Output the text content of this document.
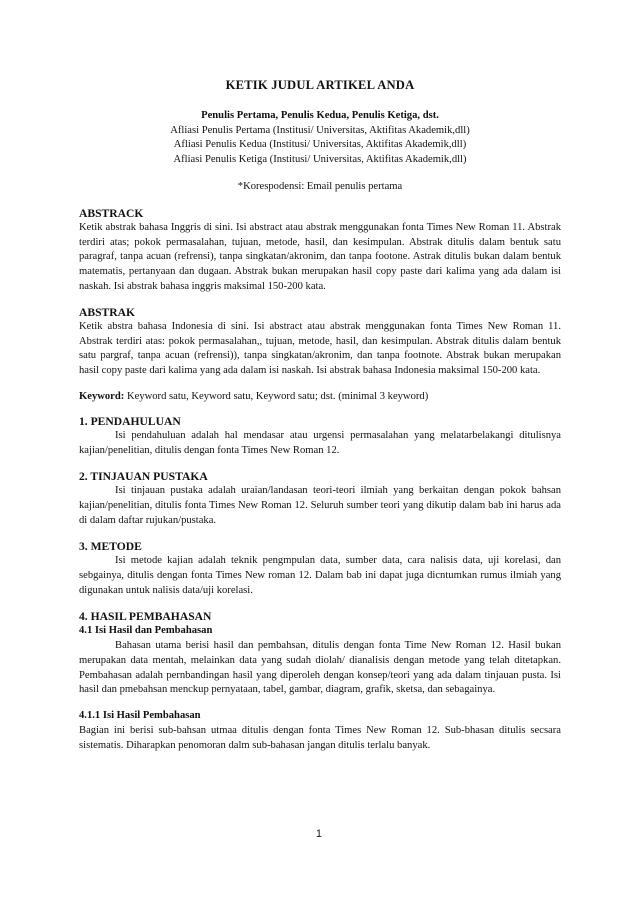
KETIK JUDUL ARTIKEL ANDA

Penulis Pertama, Penulis Kedua, Penulis Ketiga, dst.

Afliasi Penulis Pertama (Institusi/ Universitas, Aktifitas Akademik,dll)

Afliasi Penulis Kedua (Institusi/ Universitas, Aktifitas Akademik,dll)

Afliasi Penulis Ketiga (Institusi/ Universitas, Aktifitas Akademik,dll)

*Korespodensi: Email penulis pertama

ABSTRACK

Ketik abstrak bahasa Inggris di sini. Isi abstract atau abstrak menggunakan fonta Times New Roman 11. Abstrak terdiri atas; pokok permasalahan, tujuan, metode, hasil, dan kesimpulan. Abstrak ditulis dalam bentuk satu paragraf, tanpa acuan (refrensi), tanpa singkatan/akronim, dan tanpa footone. Astrak ditulis bukan dalam bentuk matematis, pertanyaan dan dugaan. Abstrak bukan merupakan hasil copy paste dari kalima yang ada dalam isi naskah. Isi abstrak bahasa inggris maksimal 150-200 kata.

ABSTRAK

Ketik abstra bahasa Indonesia di sini. Isi abstract atau abstrak menggunakan fonta Times New Roman 11. Abstrak terdiri atas: pokok permasalahan,, tujuan, metode, hasil, dan kesimpulan. Abstrak ditulis dalam bentuk satu pargraf, tanpa acuan (refrensi)), tanpa singkatan/akronim, dan tanpa footnote. Abstrak bukan merupakan hasil copy paste dari kalima yang ada dalam isi naskah. Isi abstrak bahasa Indonesia maksimal 150-200 kata.

Keyword: Keyword satu, Keyword satu, Keyword satu; dst. (minimal 3 keyword)

1. PENDAHULUAN

Isi pendahuluan adalah hal mendasar atau urgensi permasalahan yang melatarbelakangi ditulisnya kajian/penelitian, ditulis dengan fonta Times New Roman 12.

2. TINJAUAN PUSTAKA

Isi tinjauan pustaka adalah uraian/landasan teori-teori ilmiah yang berkaitan dengan pokok bahsan kajian/penelitian, ditulis fonta Times New Roman 12. Seluruh sumber teori yang dikutip dalam bab ini harus ada di dalam daftar rujukan/pustaka.

3. METODE

Isi metode kajian adalah teknik pengmpulan data, sumber data, cara nalisis data, uji korelasi, dan sebgainya, ditulis dengan fonta Times New roman 12. Dalam bab ini dapat juga dicntumkan rumus ilmiah yang digunakan untuk nalisis data/uji korelasi.

4. HASIL PEMBAHASAN

4.1 Isi Hasil dan Pembahasan

Bahasan utama berisi hasil dan pembahsan, ditulis dengan fonta Time New Roman 12. Hasil bukan merupakan data mentah, melainkan data yang sudah diolah/ dianalisis dengan metode yang telah ditetapkan. Pembahasan adalah pernbandingan hasil yang diperoleh dengan konsep/teori yang ada dalam tinjauan pusta. Isi hasil dan pmebahsan menckup pernyataan, tabel, gambar, diagram, grafik, sketsa, dan sebagainya.

4.1.1 Isi Hasil Pembahasan

Bagian ini berisi sub-bahsan utmaa ditulis dengan fonta Times New Roman 12. Sub-bhasan ditulis secsara sistematis. Diharapkan penomoran dalm sub-bahasan jangan ditulis terlalu banyak.

1
